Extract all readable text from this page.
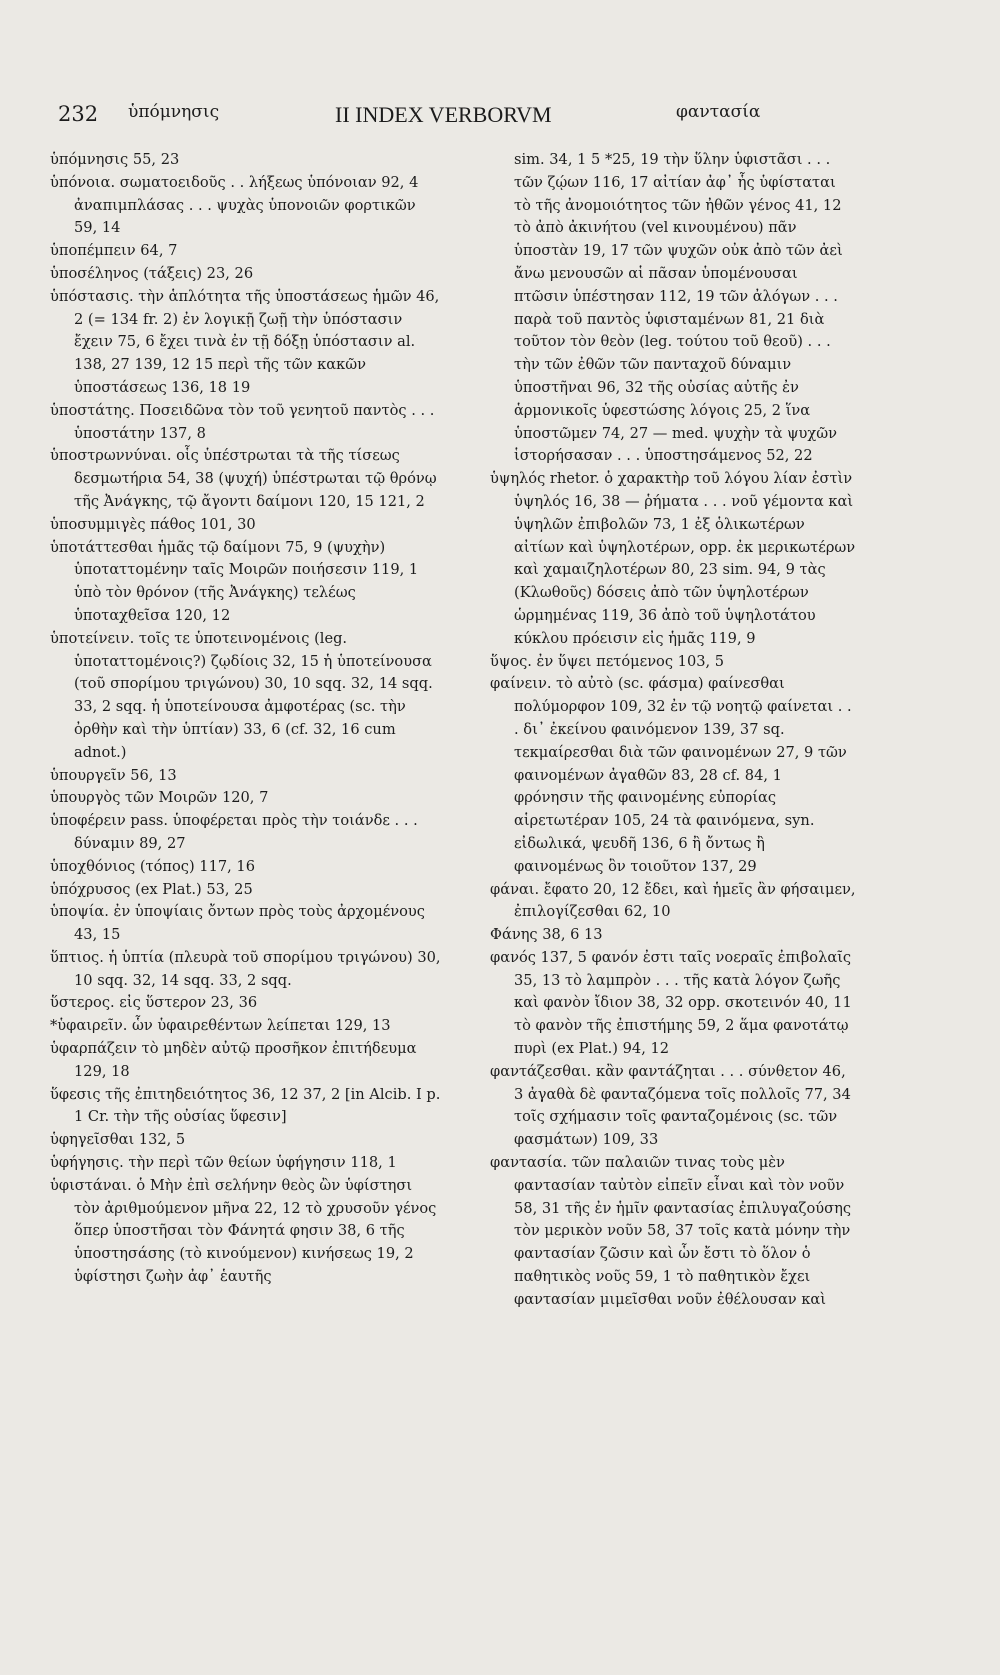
232 ὑπόμνησις	II INDEX VERBORVM	φαντασία

ὑπόμνησις 55, 23

ὑπόνοια. σωματοειδοῦς . . λήξεως ὑπόνοιαν 92, 4 ἀναπιμπλάσας . . . ψυχὰς ὑπονοιῶν φορτικῶν 59, 14

ὑποπέμπειν 64, 7

ὑποσέληνος (τάξεις) 23, 26

ὑπόστασις. τὴν ἁπλότητα τῆς ὑποστάσεως ἡμῶν 46, 2 (= 134 fr. 2) ἐν λογικῇ ζωῇ τὴν ὑπόστασιν ἔχειν 75, 6 ἔχει τινὰ ἐν τῇ δόξῃ ὑπόστασιν al. 138, 27 139, 12 15 περὶ τῆς τῶν κακῶν ὑποστάσεως 136, 18 19

ὑποστάτης. Ποσειδῶνα τὸν τοῦ γενητοῦ παντὸς . . . ὑποστάτην 137, 8

ὑποστρωννύναι. οἷς ὑπέστρωται τὰ τῆς τίσεως δεσμωτήρια 54, 38 (ψυχή) ὑπέστρωται τῷ θρόνῳ τῆς Ἀνάγκης, τῷ ἄγοντι δαίμονι 120, 15 121, 2

ὑποσυμμιγὲς πάθος 101, 30

ὑποτάττεσθαι ἡμᾶς τῷ δαίμονι 75, 9 (ψυχὴν) ὑποταττομένην ταῖς Μοιρῶν ποιήσεσιν 119, 1 ὑπὸ τὸν θρόνον (τῆς Ἀνάγκης) τελέως ὑποταχθεῖσα 120, 12

ὑποτείνειν. τοῖς τε ὑποτεινομένοις (leg. ὑποταττομένοις?) ζῳδίοις 32, 15 ἡ ὑποτείνουσα (τοῦ σπορίμου τριγώνου) 30, 10 sqq. 32, 14 sqq. 33, 2 sqq. ἡ ὑποτείνουσα ἀμφοτέρας (sc. τὴν ὀρθὴν καὶ τὴν ὑπτίαν) 33, 6 (cf. 32, 16 cum adnot.)

ὑπουργεῖν 56, 13

ὑπουργὸς τῶν Μοιρῶν 120, 7

ὑποφέρειν pass. ὑποφέρεται πρὸς τὴν τοιάνδε . . . δύναμιν 89, 27

ὑποχθόνιος (τόπος) 117, 16

ὑπόχρυσος (ex Plat.) 53, 25

ὑποψία. ἐν ὑποψίαις ὄντων πρὸς τοὺς ἀρχομένους 43, 15

ὕπτιος. ἡ ὑπτία (πλευρὰ τοῦ σπορίμου τριγώνου) 30, 10 sqq. 32, 14 sqq. 33, 2 sqq.

ὕστερος. εἰς ὕστερον 23, 36

*ὑφαιρεῖν. ὧν ὑφαιρεθέντων λείπεται 129, 13

ὑφαρπάζειν τὸ μηδὲν αὐτῷ προσῆκον ἐπιτήδευμα 129, 18

ὕφεσις τῆς ἐπιτηδειότητος 36, 12 37, 2 [in Alcib. I p. 1 Cr. τὴν τῆς οὐσίας ὕφεσιν]

ὑφηγεῖσθαι 132, 5

ὑφήγησις. τὴν περὶ τῶν θείων ὑφήγησιν 118, 1

ὑφιστάναι. ὁ Μὴν ἐπὶ σελήνην θεὸς ὢν ὑφίστησι τὸν ἀριθμούμενον μῆνα 22, 12 τὸ χρυσοῦν γένος ὅπερ ὑποστῆσαι τὸν Φάνητά φησιν 38, 6 τῆς ὑποστησάσης (τὸ κινούμενον) κινήσεως 19, 2 ὑφίστησι ζωὴν ἀφ᾽ ἑαυτῆς

sim. 34, 1 5 *25, 19 τὴν ὕλην ὑφιστᾶσι . . . τῶν ζῴων 116, 17 αἰτίαν ἀφ᾽ ἧς ὑφίσταται τὸ τῆς ἀνομοιότητος τῶν ἠθῶν γένος 41, 12 τὸ ἀπὸ ἀκινήτου (vel κινουμένου) πᾶν ὑποστὰν 19, 17 τῶν ψυχῶν οὐκ ἀπὸ τῶν ἀεὶ ἄνω μενουσῶν αἱ πᾶσαν ὑπομένουσαι πτῶσιν ὑπέστησαν 112, 19 τῶν ἀλόγων . . . παρὰ τοῦ παντὸς ὑφισταμένων 81, 21 διὰ τοῦτον τὸν θεὸν (leg. τούτου τοῦ θεοῦ) . . . τὴν τῶν ἐθῶν τῶν πανταχοῦ δύναμιν ὑποστῆναι 96, 32 τῆς οὐσίας αὐτῆς ἐν ἁρμονικοῖς ὑφεστώσης λόγοις 25, 2 ἵνα ὑποστῶμεν 74, 27 — med. ψυχὴν τὰ ψυχῶν ἱστορήσασαν . . . ὑποστησάμενος 52, 22

ὑψηλός rhetor. ὁ χαρακτὴρ τοῦ λόγου λίαν ἐστὶν ὑψηλός 16, 38 — ῥήματα . . . νοῦ γέμοντα καὶ ὑψηλῶν ἐπιβολῶν 73, 1 ἐξ ὁλικωτέρων αἰτίων καὶ ὑψηλοτέρων, opp. ἐκ μερικωτέρων καὶ χαμαιζηλοτέρων 80, 23 sim. 94, 9 τὰς (Κλωθοῦς) δόσεις ἀπὸ τῶν ὑψηλοτέρων ὡρμημένας 119, 36 ἀπὸ τοῦ ὑψηλοτάτου κύκλου πρόεισιν εἰς ἡμᾶς 119, 9

ὕψος. ἐν ὕψει πετόμενος 103, 5

φαίνειν. τὸ αὐτὸ (sc. φάσμα) φαίνεσθαι πολύμορφον 109, 32 ἐν τῷ νοητῷ φαίνεται . . . δι᾽ ἐκείνου φαινόμενον 139, 37 sq. τεκμαίρεσθαι διὰ τῶν φαινομένων 27, 9 τῶν φαινομένων ἀγαθῶν 83, 28 cf. 84, 1 φρόνησιν τῆς φαινομένης εὐπορίας αἱρετωτέραν 105, 24 τὰ φαινόμενα, syn. εἰδωλικά, ψευδῆ 136, 6 ἢ ὄντως ἢ φαινομένως ὂν τοιοῦτον 137, 29

φάναι. ἔφατο 20, 12 ἔδει, καὶ ἡμεῖς ἂν φήσαιμεν, ἐπιλογίζεσθαι 62, 10

Φάνης 38, 6 13

φανός 137, 5 φανόν ἐστι ταῖς νοεραῖς ἐπιβολαῖς 35, 13 τὸ λαμπρὸν . . . τῆς κατὰ λόγον ζωῆς καὶ φανὸν ἴδιον 38, 32 opp. σκοτεινόν 40, 11 τὸ φανὸν τῆς ἐπιστήμης 59, 2 ἅμα φανοτάτῳ πυρὶ (ex Plat.) 94, 12

φαντάζεσθαι. κἂν φαντάζηται . . . σύνθετον 46, 3 ἀγαθὰ δὲ φανταζόμενα τοῖς πολλοῖς 77, 34 τοῖς σχήμασιν τοῖς φανταζομένοις (sc. τῶν φασμάτων) 109, 33

φαντασία. τῶν παλαιῶν τινας τοὺς μὲν φαντασίαν ταὐτὸν εἰπεῖν εἶναι καὶ τὸν νοῦν 58, 31 τῆς ἐν ἡμῖν φαντασίας ἐπιλυγαζούσης τὸν μερικὸν νοῦν 58, 37 τοῖς κατὰ μόνην τὴν φαντασίαν ζῶσιν καὶ ὧν ἔστι τὸ ὅλον ὁ παθητικὸς νοῦς 59, 1 τὸ παθητικὸν ἔχει φαντασίαν μιμεῖσθαι νοῦν ἐθέλουσαν καὶ
